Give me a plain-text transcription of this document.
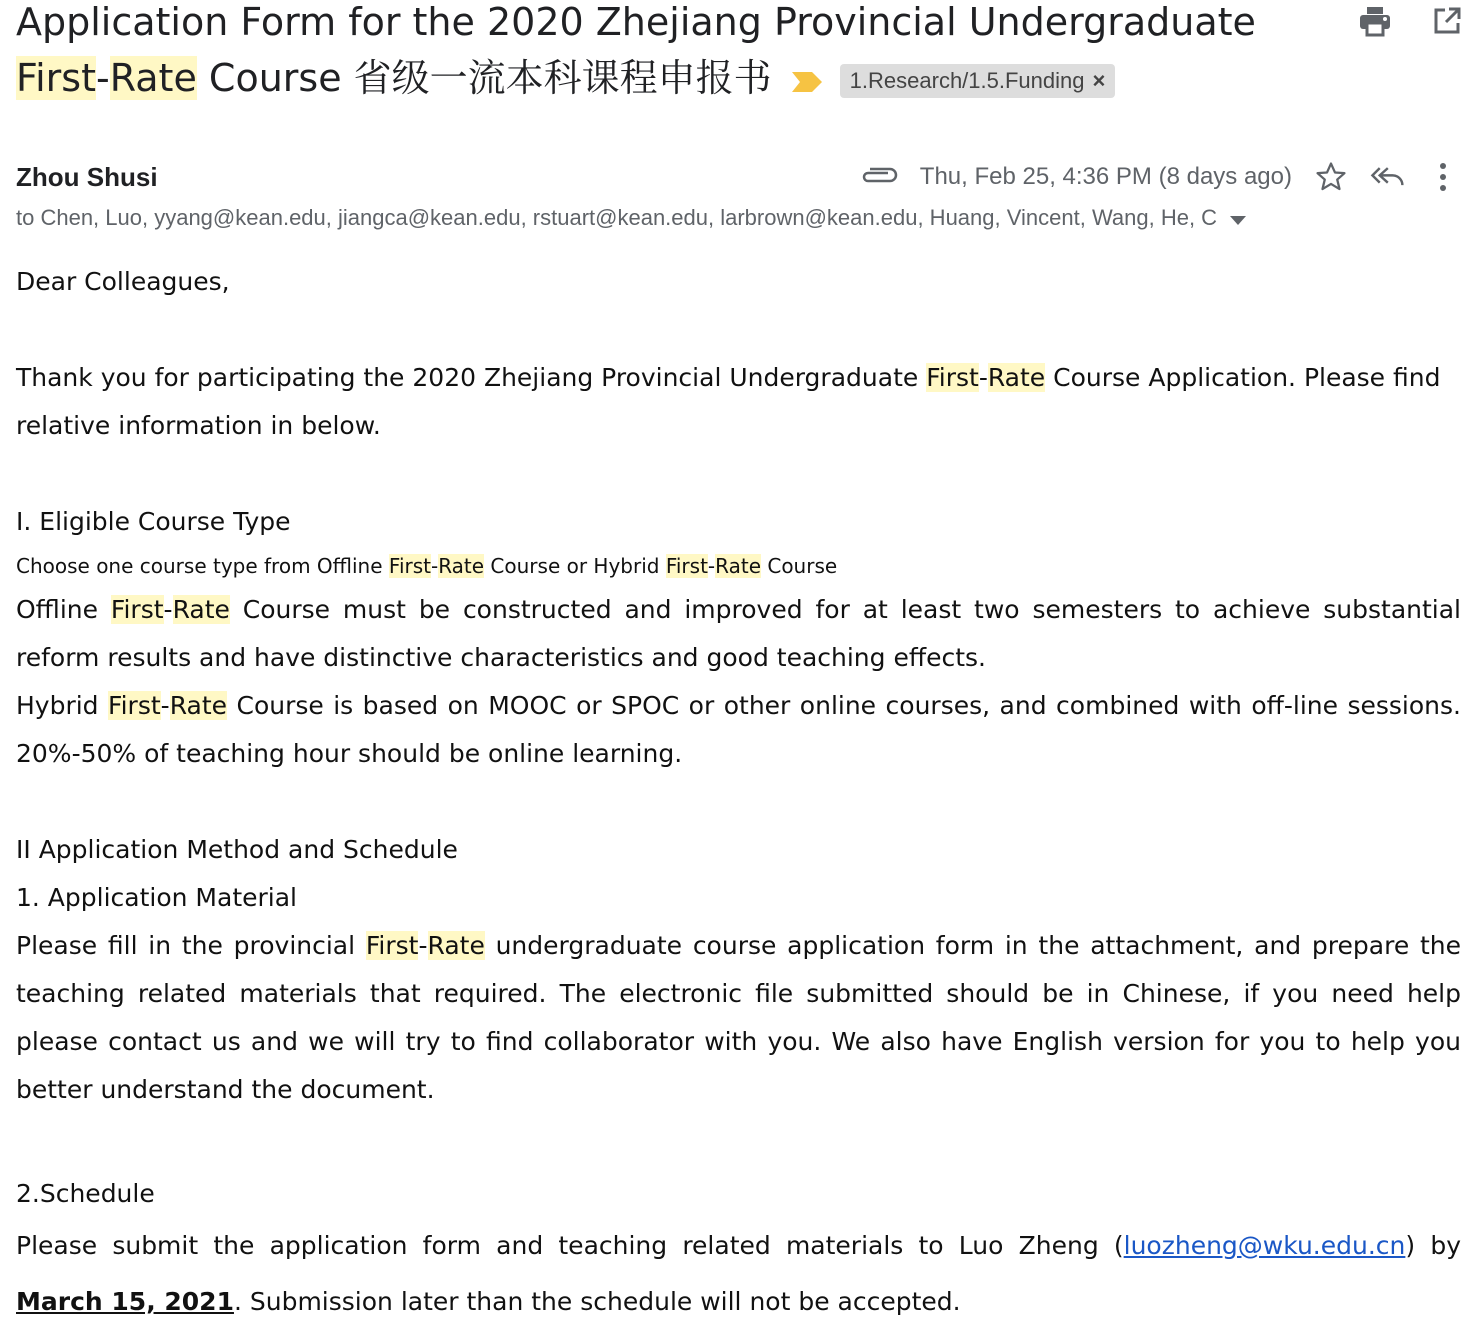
Application Form for the 2020 Zhejiang Provincial Undergraduate First-Rate Course 省级一流本科课程申报书	1.Research/1.5.Funding ×
Zhou Shusi
to Chen, Luo, yyang@kean.edu, jiangca@kean.edu, rstuart@kean.edu, larbrown@kean.edu, Huang, Vincent, Wang, He, C
Thu, Feb 25, 4:36 PM (8 days ago)

Dear Colleagues,

Thank you for participating the 2020 Zhejiang Provincial Undergraduate First-Rate Course Application. Please find relative information in below.

I. Eligible Course Type

Choose one course type from Offline First-Rate Course or Hybrid First-Rate Course

Offline First-Rate Course must be constructed and improved for at least two semesters to achieve substantial reform results and have distinctive characteristics and good teaching effects.

Hybrid First-Rate Course is based on MOOC or SPOC or other online courses, and combined with off-line sessions. 20%-50% of teaching hour should be online learning.

II Application Method and Schedule

1. Application Material

Please fill in the provincial First-Rate undergraduate course application form in the attachment, and prepare the teaching related materials that required. The electronic file submitted should be in Chinese, if you need help please contact us and we will try to find collaborator with you. We also have English version for you to help you better understand the document.

2.Schedule

Please submit the application form and teaching related materials to Luo Zheng (luozheng@wku.edu.cn) by March 15, 2021. Submission later than the schedule will not be accepted.
